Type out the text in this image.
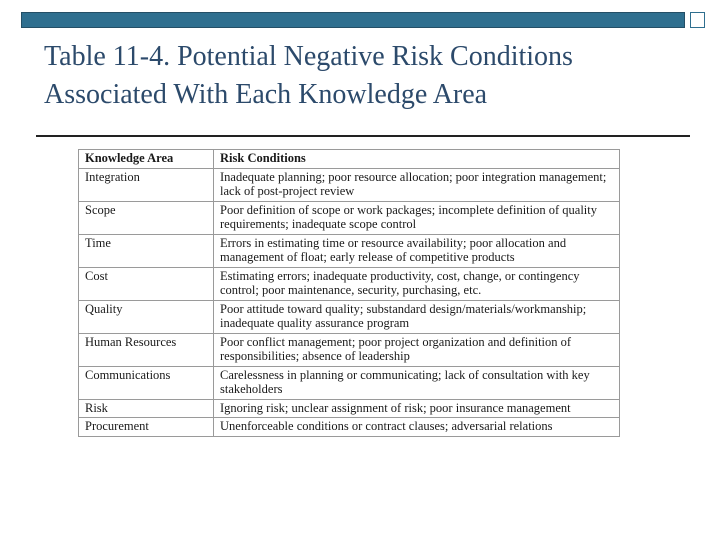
Table 11-4. Potential Negative Risk Conditions Associated With Each Knowledge Area
Knowledge Area	Risk Conditions
Integration	Inadequate planning; poor resource allocation; poor integration management; lack of post-project review
Scope	Poor definition of scope or work packages; incomplete definition of quality requirements; inadequate scope control
Time	Errors in estimating time or resource availability; poor allocation and management of float; early release of competitive products
Cost	Estimating errors; inadequate productivity, cost, change, or contingency control; poor maintenance, security, purchasing, etc.
Quality	Poor attitude toward quality; substandard design/materials/workmanship; inadequate quality assurance program
Human Resources	Poor conflict management; poor project organization and definition of responsibilities; absence of leadership
Communications	Carelessness in planning or communicating; lack of consultation with key stakeholders
Risk	Ignoring risk; unclear assignment of risk; poor insurance management
Procurement	Unenforceable conditions or contract clauses; adversarial relations
